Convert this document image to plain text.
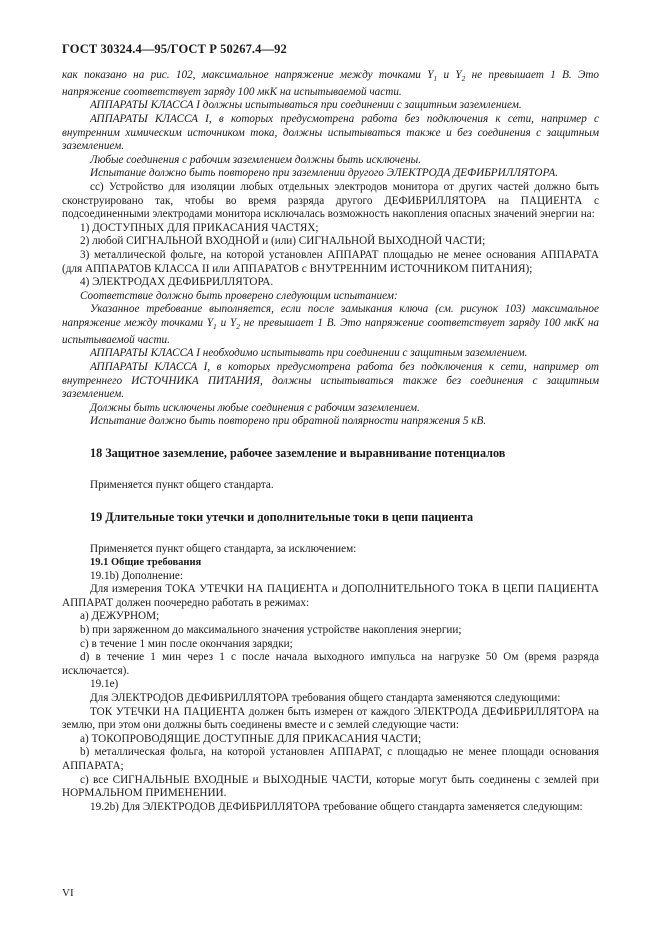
ГОСТ 30324.4—95/ГОСТ Р 50267.4—92

как показано на рис. 102, максимальное напряжение между точками $Y_1$ и $Y_2$ не превышает 1 В. Это напряжение соответствует заряду 100 мкК на испытываемой части.

АППАРАТЫ КЛАССА I должны испытываться при соединении с защитным заземлением.

АППАРАТЫ КЛАССА I, в которых предусмотрена работа без подключения к сети, например с внутренним химическим источником тока, должны испытываться также и без соединения с защитным заземлением.

Любые соединения с рабочим заземлением должны быть исключены.

Испытание должно быть повторено при заземлении другого ЭЛЕКТРОДА ДЕФИБРИЛЛЯТОРА.

cc) Устройство для изоляции любых отдельных электродов монитора от других частей должно быть сконструировано так, чтобы во время разряда другого ДЕФИБРИЛЛЯТОРА на ПАЦИЕНТА с подсоединенными электродами монитора исключалась возможность накопления опасных значений энергии на:

1) ДОСТУПНЫХ ДЛЯ ПРИКАСАНИЯ ЧАСТЯХ;

2) любой СИГНАЛЬНОЙ ВХОДНОЙ и (или) СИГНАЛЬНОЙ ВЫХОДНОЙ ЧАСТИ;

3) металлической фольге, на которой установлен АППАРАТ площадью не менее основания АППАРАТА (для АППАРАТОВ КЛАССА II или АППАРАТОВ с ВНУТРЕННИМ ИСТОЧНИКОМ ПИТАНИЯ);

4) ЭЛЕКТРОДАХ ДЕФИБРИЛЛЯТОРА.

Соответствие должно быть проверено следующим испытанием:

Указанное требование выполняется, если после замыкания ключа (см. рисунок 103) максимальное напряжение между точками $Y_1$ и $Y_2$ не превышает 1 В. Это напряжение соответствует заряду 100 мкК на испытываемой части.

АППАРАТЫ КЛАССА I необходимо испытывать при соединении с защитным заземлением.

АППАРАТЫ КЛАССА I, в которых предусмотрена работа без подключения к сети, например от внутреннего ИСТОЧНИКА ПИТАНИЯ, должны испытываться также без соединения с защитным заземлением.

Должны быть исключены любые соединения с рабочим заземлением.

Испытание должно быть повторено при обратной полярности напряжения 5 кВ.

18 Защитное заземление, рабочее заземление и выравнивание потенциалов

Применяется пункт общего стандарта.

19 Длительные токи утечки и дополнительные токи в цепи пациента

Применяется пункт общего стандарта, за исключением:

19.1 Общие требования

19.1b) Дополнение:

Для измерения ТОКА УТЕЧКИ НА ПАЦИЕНТА и ДОПОЛНИТЕЛЬНОГО ТОКА В ЦЕПИ ПАЦИЕНТА АППАРАТ должен поочередно работать в режимах:

a) ДЕЖУРНОМ;

b) при заряженном до максимального значения устройстве накопления энергии;

c) в течение 1 мин после окончания зарядки;

d) в течение 1 мин через 1 с после начала выходного импульса на нагрузке 50 Ом (время разряда исключается).

19.1e)

Для ЭЛЕКТРОДОВ ДЕФИБРИЛЛЯТОРА требования общего стандарта заменяются следующими:

ТОК УТЕЧКИ НА ПАЦИЕНТА должен быть измерен от каждого ЭЛЕКТРОДА ДЕФИБРИЛЛЯТОРА на землю, при этом они должны быть соединены вместе и с землей следующие части:

a) ТОКОПРОВОДЯЩИЕ ДОСТУПНЫЕ ДЛЯ ПРИКАСАНИЯ ЧАСТИ;

b) металлическая фольга, на которой установлен АППАРАТ, с площадью не менее площади основания АППАРАТА;

c) все СИГНАЛЬНЫЕ ВХОДНЫЕ и ВЫХОДНЫЕ ЧАСТИ, которые могут быть соединены с землей при НОРМАЛЬНОМ ПРИМЕНЕНИИ.

19.2b) Для ЭЛЕКТРОДОВ ДЕФИБРИЛЛЯТОРА требование общего стандарта заменяется следующим:

VI
